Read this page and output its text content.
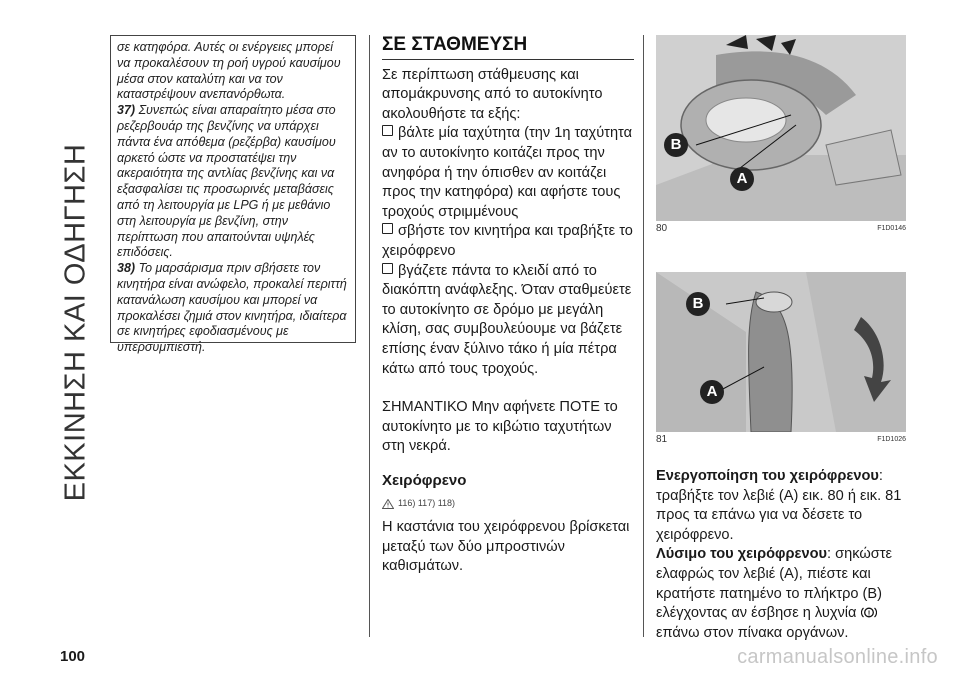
ΕΚΚΙΝΗΣΗ ΚΑΙ ΟΔΗΓΗΣΗ

σε κατηφόρα. Αυτές οι ενέργειες μπορεί να προκαλέσουν τη ροή υγρού καυσίμου μέσα στον καταλύτη και να τον καταστρέψουν ανεπανόρθωτα.

37) Συνεπώς είναι απαραίτητο μέσα στο ρεζερβουάρ της βενζίνης να υπάρχει πάντα ένα απόθεμα (ρεζέρβα) καυσίμου αρκετό ώστε να προστατέψει την ακεραιότητα της αντλίας βενζίνης και να εξασφαλίσει τις προσωρινές μεταβάσεις από τη λειτουργία με LPG ή με μεθάνιο στη λειτουργία με βενζίνη, στην περίπτωση που απαιτούνται υψηλές επιδόσεις.

38) Το μαρσάρισμα πριν σβήσετε τον κινητήρα είναι ανώφελο, προκαλεί περιττή κατανάλωση καυσίμου και μπορεί να προκαλέσει ζημιά στον κινητήρα, ιδιαίτερα σε κινητήρες εφοδιασμένους με υπερσυμπιεστή.

ΣΕ ΣΤΑΘΜΕΥΣΗ

Σε περίπτωση στάθμευσης και απομάκρυνσης από το αυτοκίνητο ακολουθήστε τα εξής:

βάλτε μία ταχύτητα (την 1η ταχύτητα αν το αυτοκίνητο κοιτάζει προς την ανηφόρα ή την όπισθεν αν κοιτάζει προς την κατηφόρα) και αφήστε τους τροχούς στριμμένους

σβήστε τον κινητήρα και τραβήξτε το χειρόφρενο

βγάζετε πάντα το κλειδί από το διακόπτη ανάφλεξης. Όταν σταθμεύετε το αυτοκίνητο σε δρόμο με μεγάλη κλίση, σας συμβουλεύουμε να βάζετε επίσης έναν ξύλινο τάκο ή μία πέτρα κάτω από τους τροχούς.

ΣΗΜΑΝΤΙΚΟ Μην αφήνετε ΠΟΤΕ το αυτοκίνητο με το κιβώτιο ταχυτήτων στη νεκρά.

Χειρόφρενο

116) 117) 118)

Η καστάνια του χειρόφρενου βρίσκεται μεταξύ των δύο μπροστινών καθισμάτων.

B
A
80	F1D0146
B
A
81	F1D1026

Ενεργοποίηση του χειρόφρενου: τραβήξτε τον λεβιέ (A) εικ. 80 ή εικ. 81 προς τα επάνω για να δέσετε το χειρόφρενο.

Λύσιμο του χειρόφρενου: σηκώστε ελαφρώς τον λεβιέ (A), πιέστε και κρατήστε πατημένο το πλήκτρο (B) ελέγχοντας αν έσβησε η λυχνία !

επάνω στον πίνακα οργάνων.

100	carmanualsonline.info
